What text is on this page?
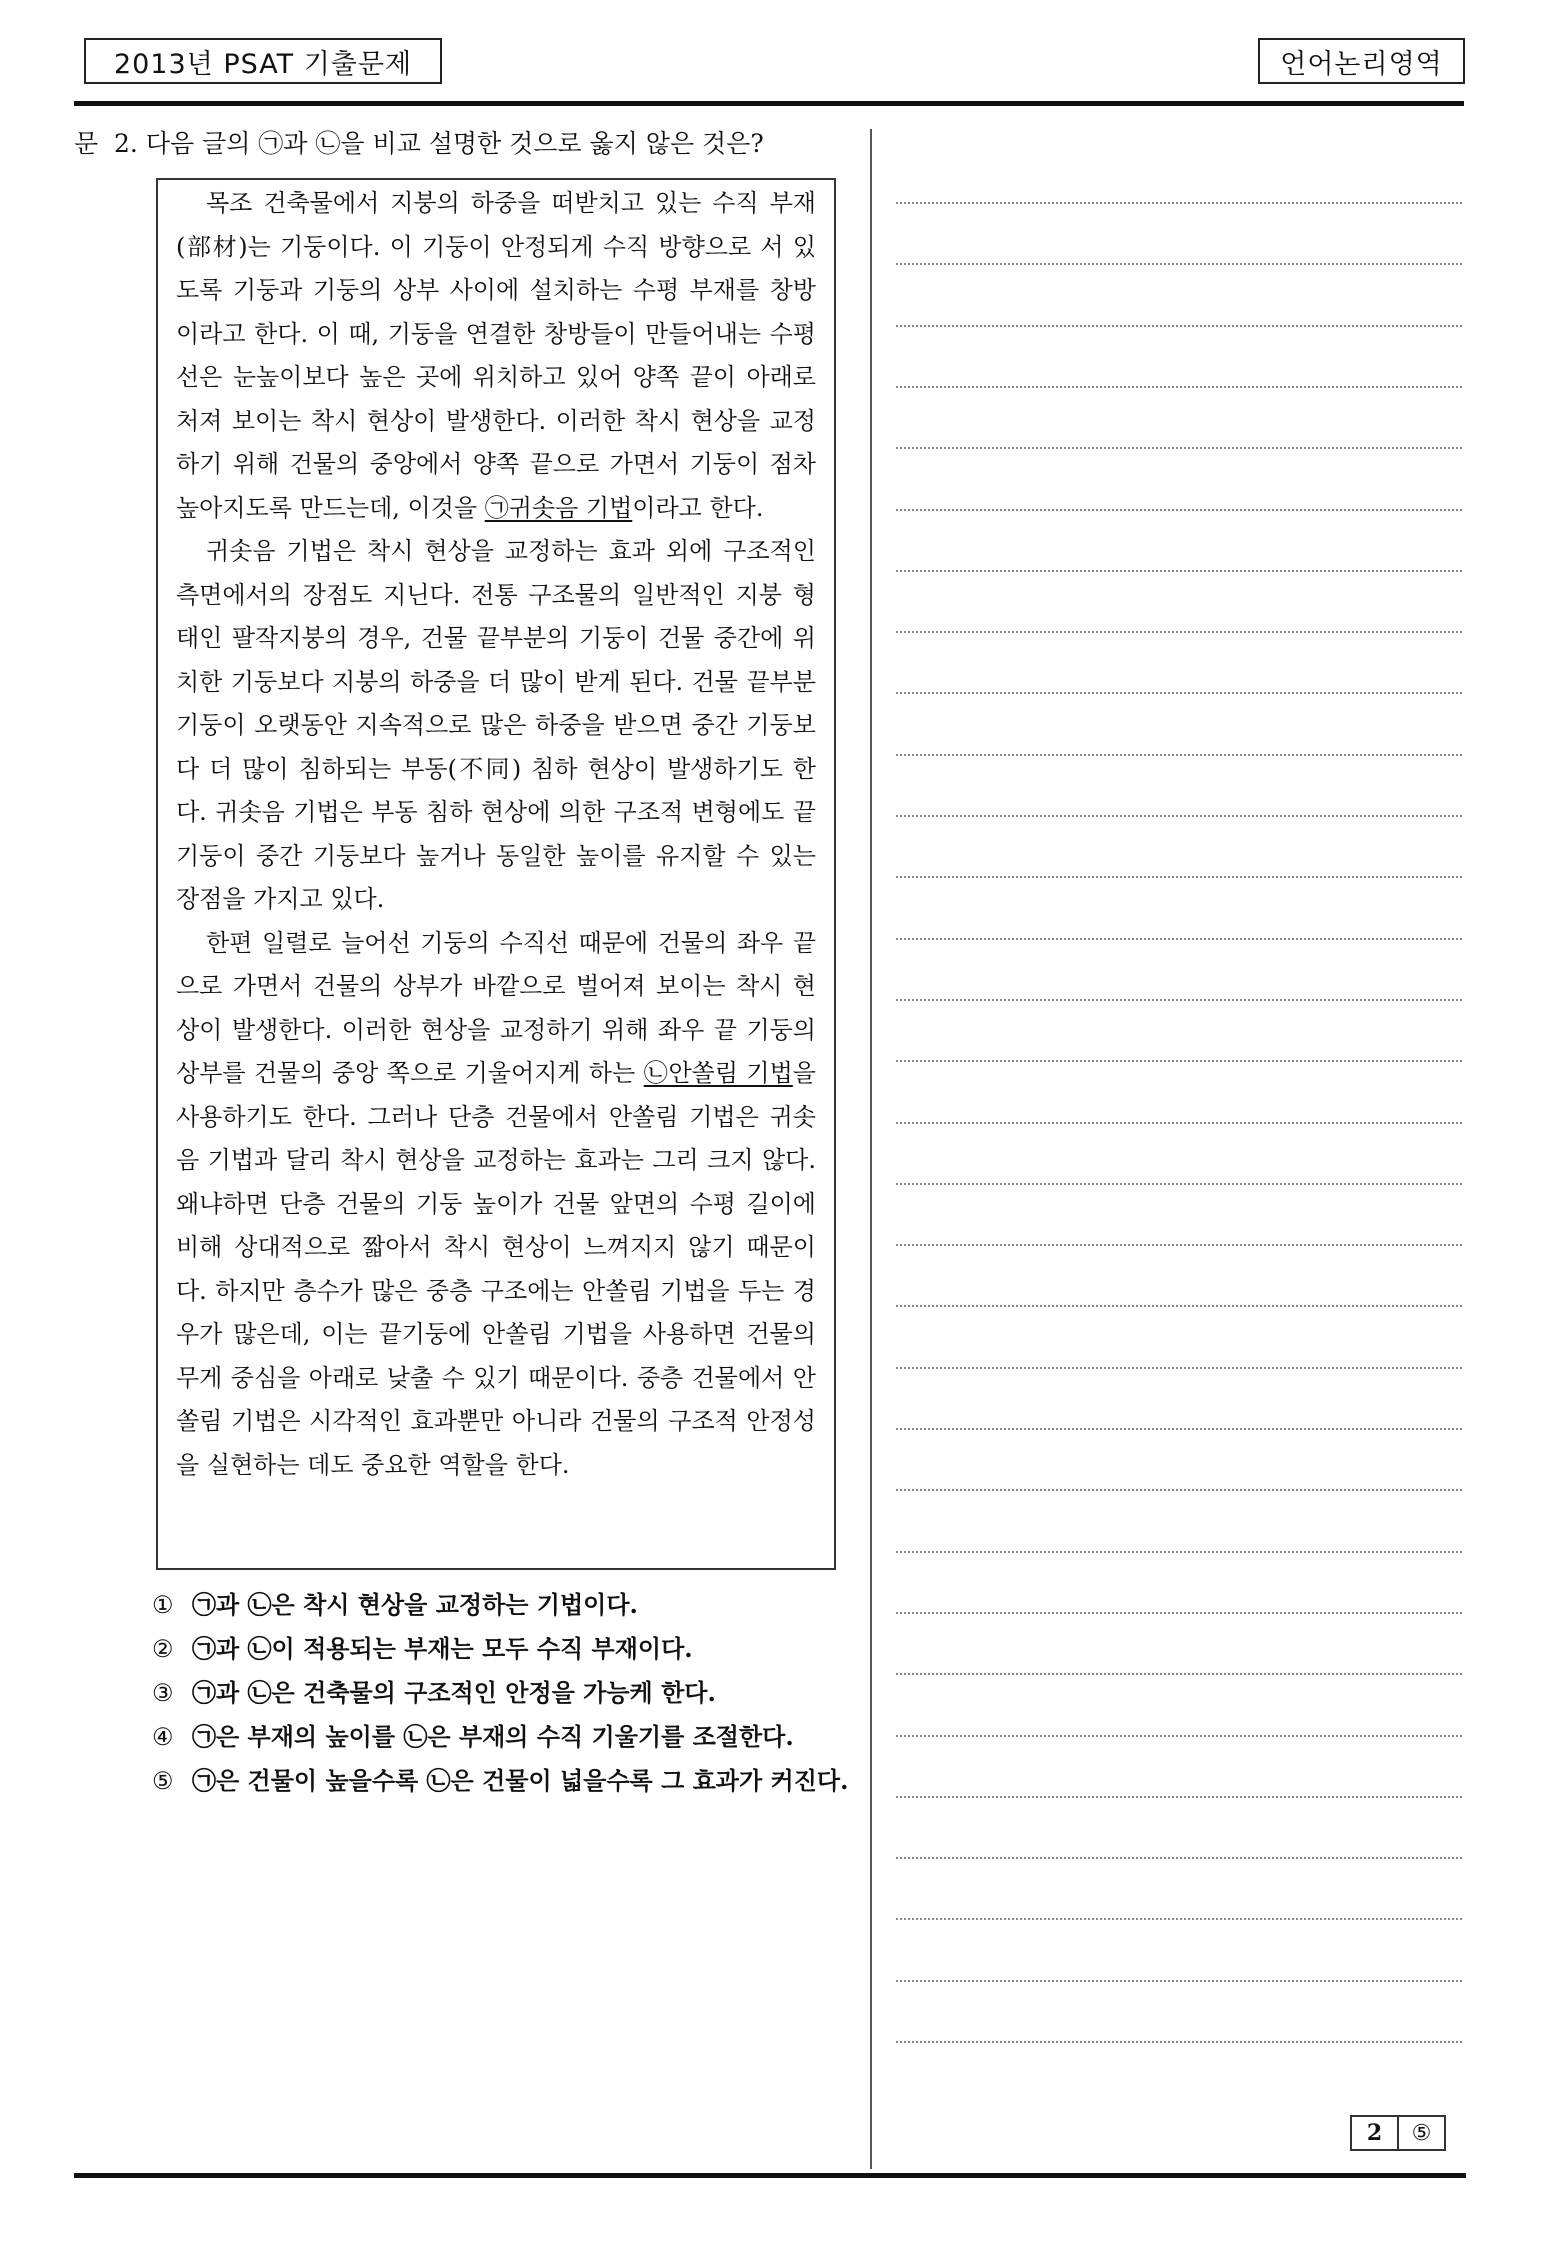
2013년 PSAT 기출문제	언어논리영역
문 2. 다음 글의 ㉠과 ㉡을 비교 설명한 것으로 옳지 않은 것은?

목조 건축물에서 지붕의 하중을 떠받치고 있는 수직 부재(部材)는 기둥이다. 이 기둥이 안정되게 수직 방향으로 서 있도록 기둥과 기둥의 상부 사이에 설치하는 수평 부재를 창방이라고 한다. 이 때, 기둥을 연결한 창방들이 만들어내는 수평선은 눈높이보다 높은 곳에 위치하고 있어 양쪽 끝이 아래로 처져 보이는 착시 현상이 발생한다. 이러한 착시 현상을 교정하기 위해 건물의 중앙에서 양쪽 끝으로 가면서 기둥이 점차 높아지도록 만드는데, 이것을 ㉠귀솟음 기법이라고 한다.

귀솟음 기법은 착시 현상을 교정하는 효과 외에 구조적인 측면에서의 장점도 지닌다. 전통 구조물의 일반적인 지붕 형태인 팔작지붕의 경우, 건물 끝부분의 기둥이 건물 중간에 위치한 기둥보다 지붕의 하중을 더 많이 받게 된다. 건물 끝부분 기둥이 오랫동안 지속적으로 많은 하중을 받으면 중간 기둥보다 더 많이 침하되는 부동(不同) 침하 현상이 발생하기도 한다. 귀솟음 기법은 부동 침하 현상에 의한 구조적 변형에도 끝기둥이 중간 기둥보다 높거나 동일한 높이를 유지할 수 있는 장점을 가지고 있다.

한편 일렬로 늘어선 기둥의 수직선 때문에 건물의 좌우 끝으로 가면서 건물의 상부가 바깥으로 벌어져 보이는 착시 현상이 발생한다. 이러한 현상을 교정하기 위해 좌우 끝 기둥의 상부를 건물의 중앙 쪽으로 기울어지게 하는 ㉡안쏠림 기법을 사용하기도 한다. 그러나 단층 건물에서 안쏠림 기법은 귀솟음 기법과 달리 착시 현상을 교정하는 효과는 그리 크지 않다. 왜냐하면 단층 건물의 기둥 높이가 건물 앞면의 수평 길이에 비해 상대적으로 짧아서 착시 현상이 느껴지지 않기 때문이다. 하지만 층수가 많은 중층 구조에는 안쏠림 기법을 두는 경우가 많은데, 이는 끝기둥에 안쏠림 기법을 사용하면 건물의 무게 중심을 아래로 낮출 수 있기 때문이다. 중층 건물에서 안쏠림 기법은 시각적인 효과뿐만 아니라 건물의 구조적 안정성을 실현하는 데도 중요한 역할을 한다.

① ㉠과 ㉡은 착시 현상을 교정하는 기법이다.
② ㉠과 ㉡이 적용되는 부재는 모두 수직 부재이다.
③ ㉠과 ㉡은 건축물의 구조적인 안정을 가능케 한다.
④ ㉠은 부재의 높이를 ㉡은 부재의 수직 기울기를 조절한다.
⑤ ㉠은 건물이 높을수록 ㉡은 건물이 넓을수록 그 효과가 커진다.
2	⑤
